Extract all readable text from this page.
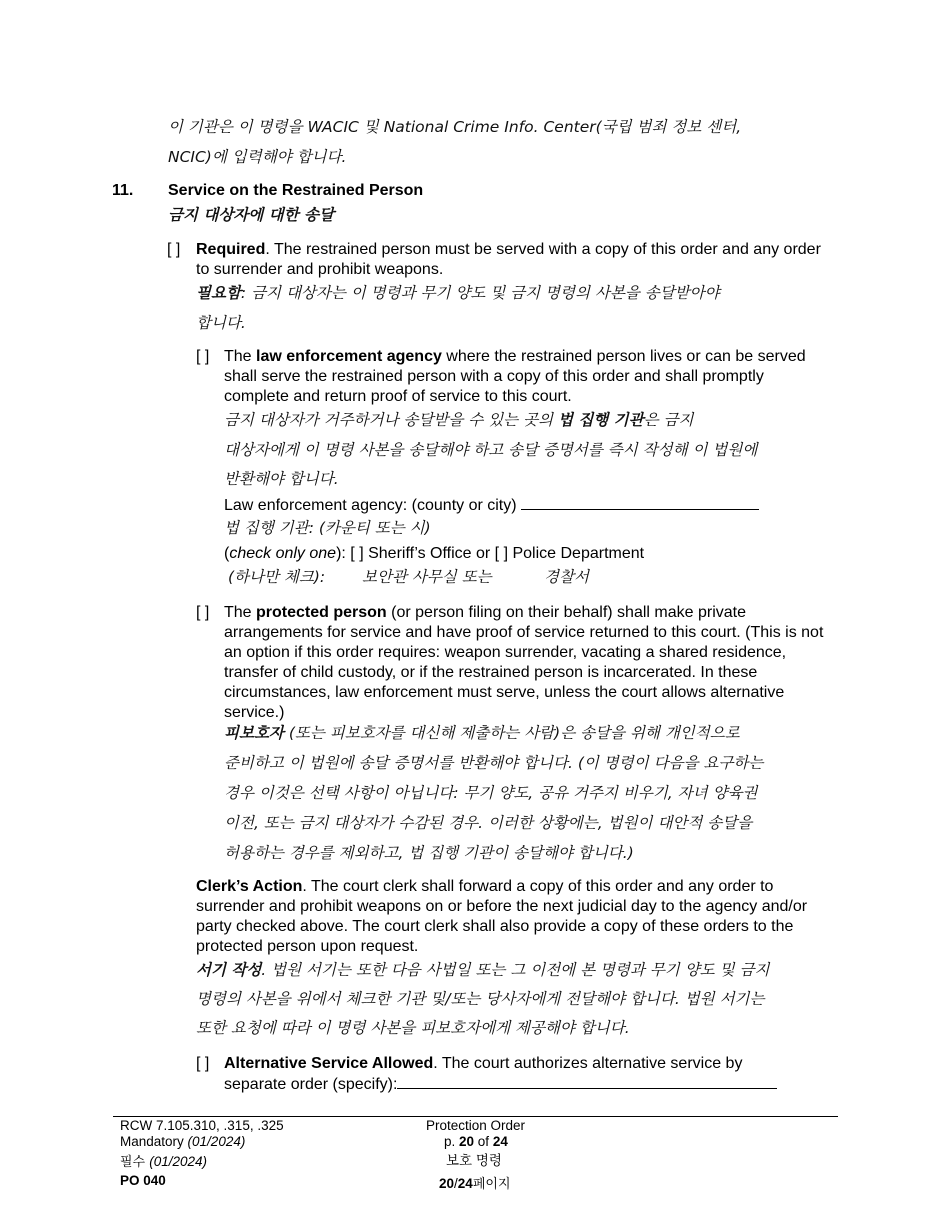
이 기관은 이 명령을 WACIC 및 National Crime Info. Center(국립 범죄 정보 센터,
NCIC)에 입력해야 합니다.
11. Service on the Restrained Person
금지 대상자에 대한 송달
[ ] Required. The restrained person must be served with a copy of this order and any order to surrender and prohibit weapons.
필요함: 금지 대상자는 이 명령과 무기 양도 및 금지 명령의 사본을 송달받아야
합니다.
[ ] The law enforcement agency where the restrained person lives or can be served shall serve the restrained person with a copy of this order and shall promptly complete and return proof of service to this court.
금지 대상자가 거주하거나 송달받을 수 있는 곳의 법 집행 기관은 금지
대상자에게 이 명령 사본을 송달해야 하고 송달 증명서를 즉시 작성해 이 법원에
반환해야 합니다.
Law enforcement agency: (county or city)
법 집행 기관: (카운티 또는 시)
(check only one): [ ] Sheriff’s Office or [ ] Police Department
(하나만 체크): 보안관 사무실 또는	경찰서
[ ] The protected person (or person filing on their behalf) shall make private arrangements for service and have proof of service returned to this court. (This is not an option if this order requires: weapon surrender, vacating a shared residence, transfer of child custody, or if the restrained person is incarcerated. In these circumstances, law enforcement must serve, unless the court allows alternative service.)
피보호자 (또는 피보호자를 대신해 제출하는 사람)은 송달을 위해 개인적으로
준비하고 이 법원에 송달 증명서를 반환해야 합니다. (이 명령이 다음을 요구하는
경우 이것은 선택 사항이 아닙니다: 무기 양도, 공유 거주지 비우기, 자녀 양육권
이전, 또는 금지 대상자가 수감된 경우. 이러한 상황에는, 법원이 대안적 송달을
허용하는 경우를 제외하고, 법 집행 기관이 송달해야 합니다.)
Clerk’s Action. The court clerk shall forward a copy of this order and any order to surrender and prohibit weapons on or before the next judicial day to the agency and/or party checked above. The court clerk shall also provide a copy of these orders to the protected person upon request.
서기 작성. 법원 서기는 또한 다음 사법일 또는 그 이전에 본 명령과 무기 양도 및 금지
명령의 사본을 위에서 체크한 기관 및/또는 당사자에게 전달해야 합니다. 법원 서기는
또한 요청에 따라 이 명령 사본을 피보호자에게 제공해야 합니다.
[ ] Alternative Service Allowed. The court authorizes alternative service by
separate order (specify):
RCW 7.105.310, .315, .325
Mandatory (01/2024)
필수 (01/2024)
PO 040
Protection Order
p. 20 of 24
보호 명령
20/24페이지
